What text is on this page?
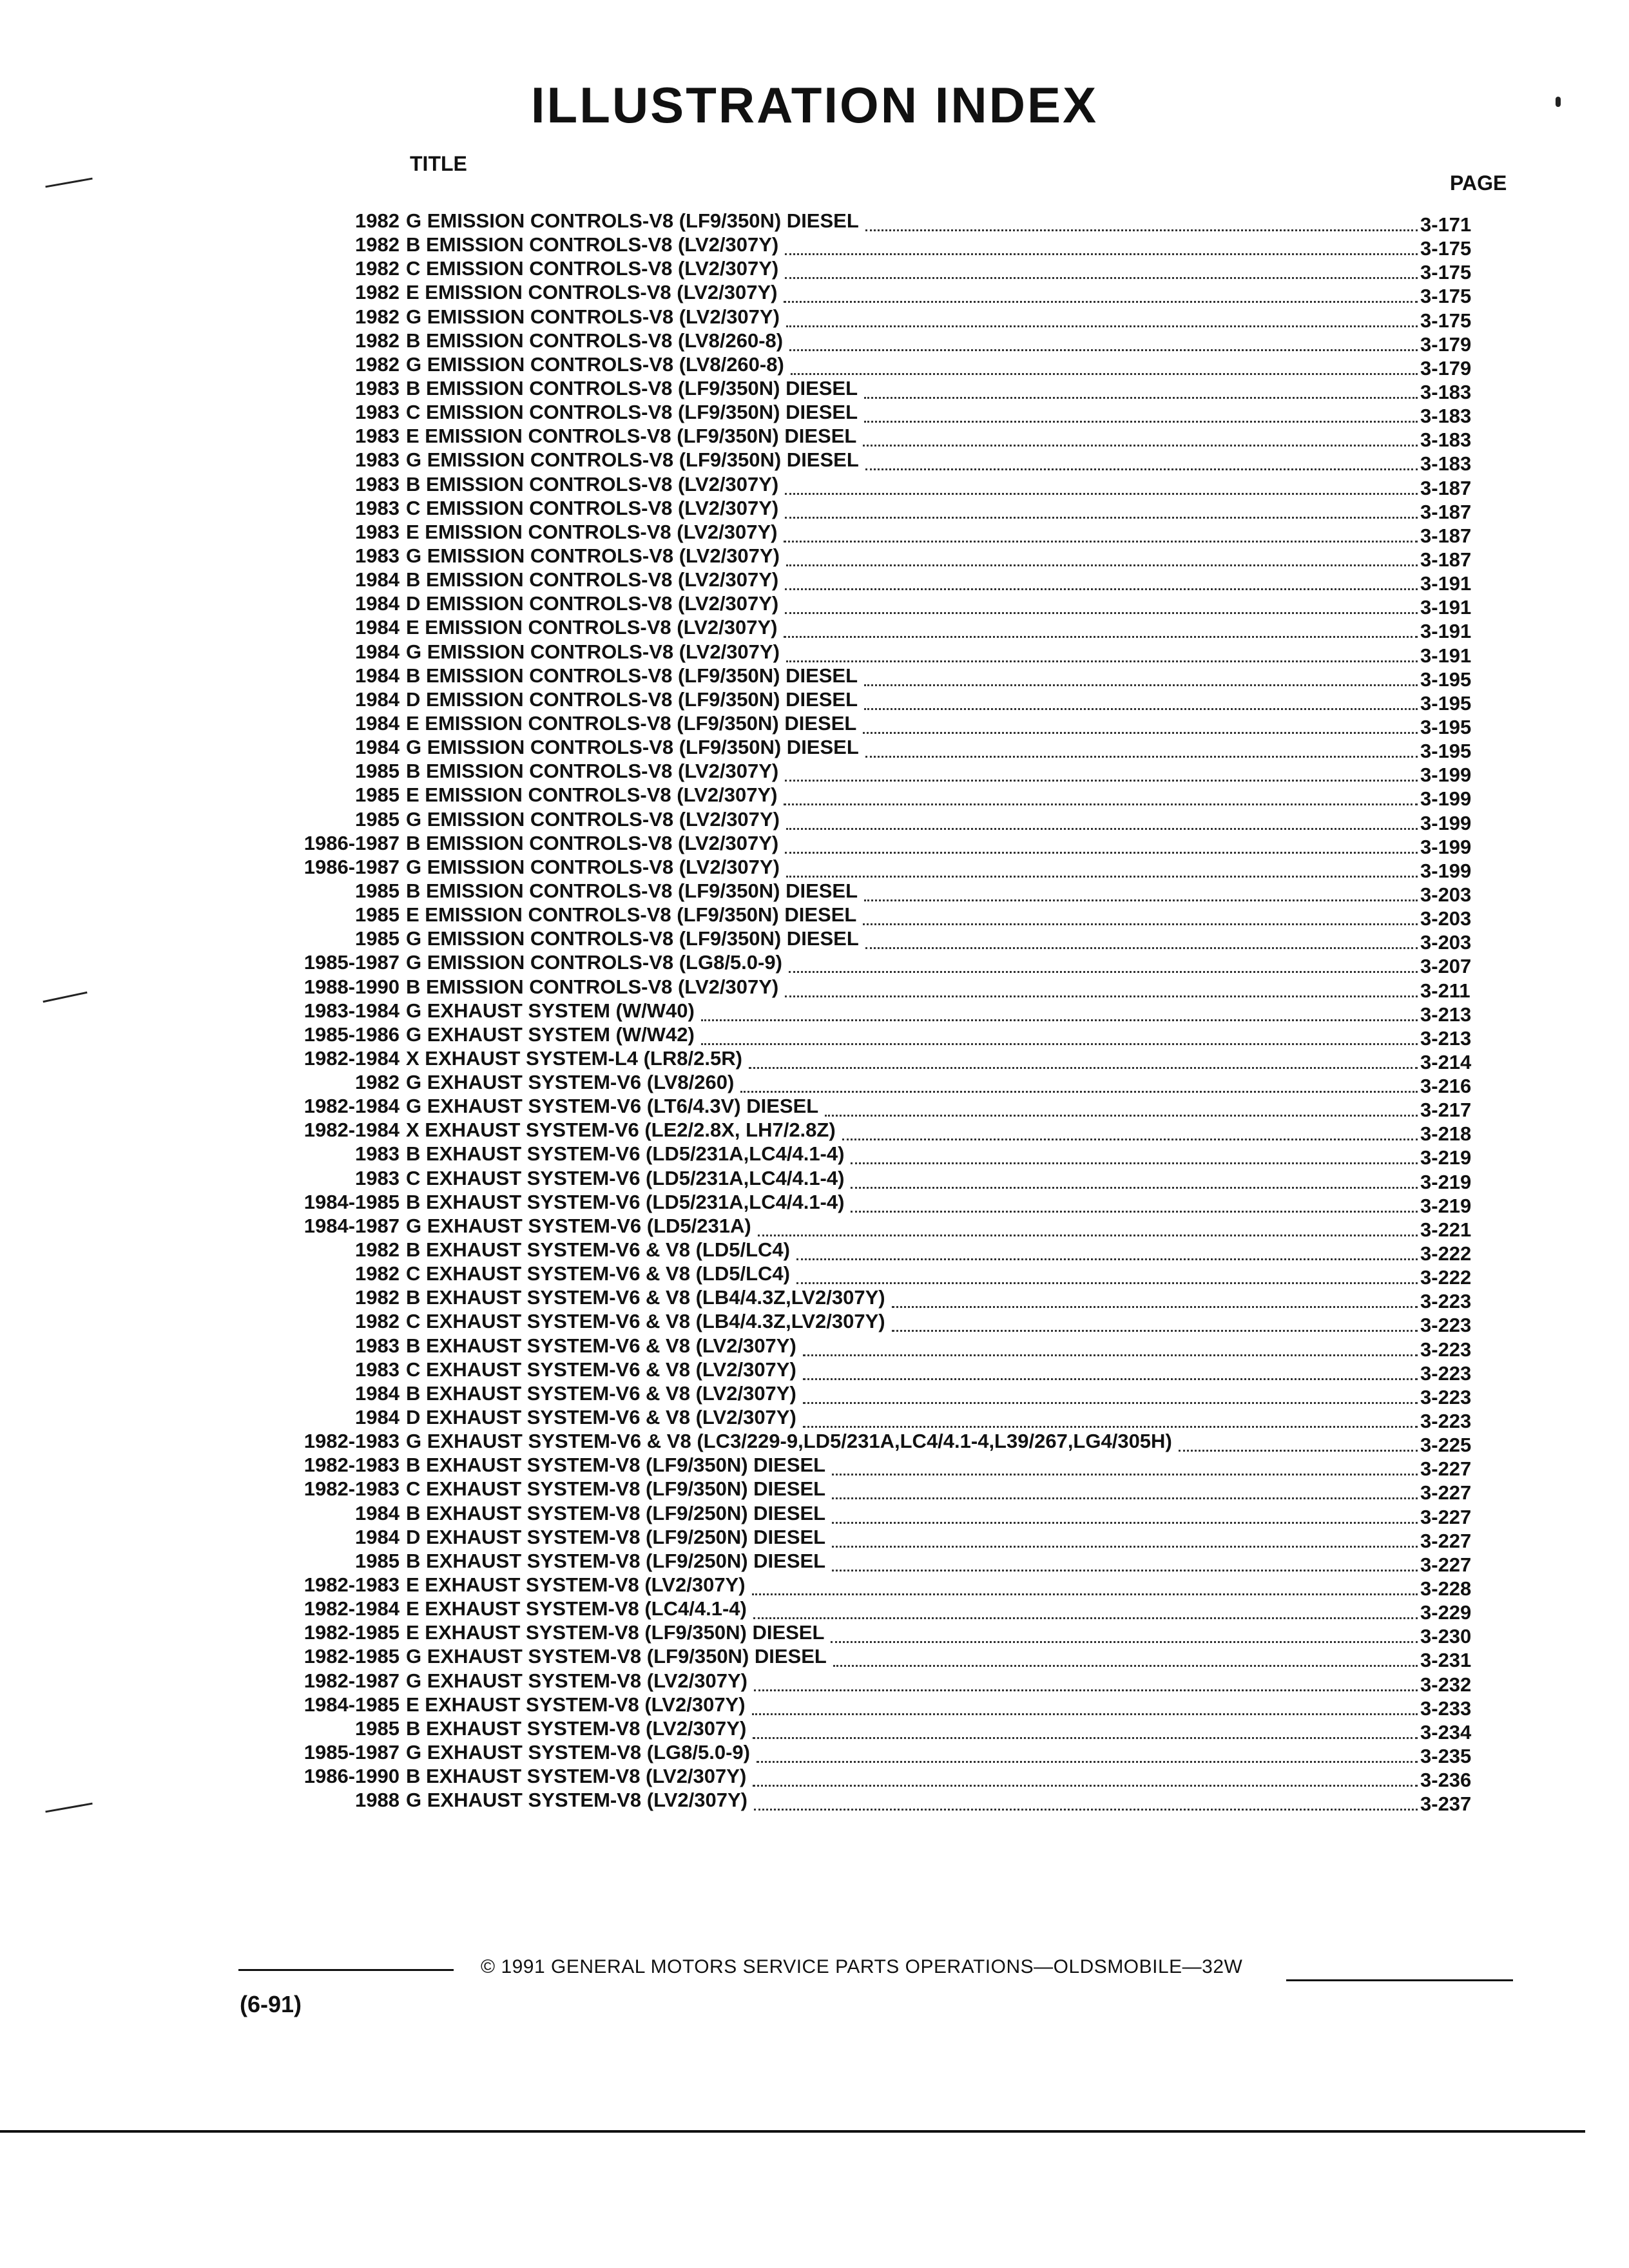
ILLUSTRATION INDEX
TITLE
PAGE
1982 G EMISSION CONTROLS-V8 (LF9/350N) DIESEL	3-171
1982 B EMISSION CONTROLS-V8 (LV2/307Y)	3-175
1982 C EMISSION CONTROLS-V8 (LV2/307Y)	3-175
1982 E EMISSION CONTROLS-V8 (LV2/307Y)	3-175
1982 G EMISSION CONTROLS-V8 (LV2/307Y)	3-175
1982 B EMISSION CONTROLS-V8 (LV8/260-8)	3-179
1982 G EMISSION CONTROLS-V8 (LV8/260-8)	3-179
1983 B EMISSION CONTROLS-V8 (LF9/350N) DIESEL	3-183
1983 C EMISSION CONTROLS-V8 (LF9/350N) DIESEL	3-183
1983 E EMISSION CONTROLS-V8 (LF9/350N) DIESEL	3-183
1983 G EMISSION CONTROLS-V8 (LF9/350N) DIESEL	3-183
1983 B EMISSION CONTROLS-V8 (LV2/307Y)	3-187
1983 C EMISSION CONTROLS-V8 (LV2/307Y)	3-187
1983 E EMISSION CONTROLS-V8 (LV2/307Y)	3-187
1983 G EMISSION CONTROLS-V8 (LV2/307Y)	3-187
1984 B EMISSION CONTROLS-V8 (LV2/307Y)	3-191
1984 D EMISSION CONTROLS-V8 (LV2/307Y)	3-191
1984 E EMISSION CONTROLS-V8 (LV2/307Y)	3-191
1984 G EMISSION CONTROLS-V8 (LV2/307Y)	3-191
1984 B EMISSION CONTROLS-V8 (LF9/350N) DIESEL	3-195
1984 D EMISSION CONTROLS-V8 (LF9/350N) DIESEL	3-195
1984 E EMISSION CONTROLS-V8 (LF9/350N) DIESEL	3-195
1984 G EMISSION CONTROLS-V8 (LF9/350N) DIESEL	3-195
1985 B EMISSION CONTROLS-V8 (LV2/307Y)	3-199
1985 E EMISSION CONTROLS-V8 (LV2/307Y)	3-199
1985 G EMISSION CONTROLS-V8 (LV2/307Y)	3-199
1986-1987 B EMISSION CONTROLS-V8 (LV2/307Y)	3-199
1986-1987 G EMISSION CONTROLS-V8 (LV2/307Y)	3-199
1985 B EMISSION CONTROLS-V8 (LF9/350N) DIESEL	3-203
1985 E EMISSION CONTROLS-V8 (LF9/350N) DIESEL	3-203
1985 G EMISSION CONTROLS-V8 (LF9/350N) DIESEL	3-203
1985-1987 G EMISSION CONTROLS-V8 (LG8/5.0-9)	3-207
1988-1990 B EMISSION CONTROLS-V8 (LV2/307Y)	3-211
1983-1984 G EXHAUST SYSTEM (W/W40)	3-213
1985-1986 G EXHAUST SYSTEM (W/W42)	3-213
1982-1984 X EXHAUST SYSTEM-L4 (LR8/2.5R)	3-214
1982 G EXHAUST SYSTEM-V6 (LV8/260)	3-216
1982-1984 G EXHAUST SYSTEM-V6 (LT6/4.3V) DIESEL	3-217
1982-1984 X EXHAUST SYSTEM-V6 (LE2/2.8X, LH7/2.8Z)	3-218
1983 B EXHAUST SYSTEM-V6 (LD5/231A,LC4/4.1-4)	3-219
1983 C EXHAUST SYSTEM-V6 (LD5/231A,LC4/4.1-4)	3-219
1984-1985 B EXHAUST SYSTEM-V6 (LD5/231A,LC4/4.1-4)	3-219
1984-1987 G EXHAUST SYSTEM-V6 (LD5/231A)	3-221
1982 B EXHAUST SYSTEM-V6 & V8 (LD5/LC4)	3-222
1982 C EXHAUST SYSTEM-V6 & V8 (LD5/LC4)	3-222
1982 B EXHAUST SYSTEM-V6 & V8 (LB4/4.3Z,LV2/307Y)	3-223
1982 C EXHAUST SYSTEM-V6 & V8 (LB4/4.3Z,LV2/307Y)	3-223
1983 B EXHAUST SYSTEM-V6 & V8 (LV2/307Y)	3-223
1983 C EXHAUST SYSTEM-V6 & V8 (LV2/307Y)	3-223
1984 B EXHAUST SYSTEM-V6 & V8 (LV2/307Y)	3-223
1984 D EXHAUST SYSTEM-V6 & V8 (LV2/307Y)	3-223
1982-1983 G EXHAUST SYSTEM-V6 & V8 (LC3/229-9,LD5/231A,LC4/4.1-4,L39/267,LG4/305H)	3-225
1982-1983 B EXHAUST SYSTEM-V8 (LF9/350N) DIESEL	3-227
1982-1983 C EXHAUST SYSTEM-V8 (LF9/350N) DIESEL	3-227
1984 B EXHAUST SYSTEM-V8 (LF9/250N) DIESEL	3-227
1984 D EXHAUST SYSTEM-V8 (LF9/250N) DIESEL	3-227
1985 B EXHAUST SYSTEM-V8 (LF9/250N) DIESEL	3-227
1982-1983 E EXHAUST SYSTEM-V8 (LV2/307Y)	3-228
1982-1984 E EXHAUST SYSTEM-V8 (LC4/4.1-4)	3-229
1982-1985 E EXHAUST SYSTEM-V8 (LF9/350N) DIESEL	3-230
1982-1985 G EXHAUST SYSTEM-V8 (LF9/350N) DIESEL	3-231
1982-1987 G EXHAUST SYSTEM-V8 (LV2/307Y)	3-232
1984-1985 E EXHAUST SYSTEM-V8 (LV2/307Y)	3-233
1985 B EXHAUST SYSTEM-V8 (LV2/307Y)	3-234
1985-1987 G EXHAUST SYSTEM-V8 (LG8/5.0-9)	3-235
1986-1990 B EXHAUST SYSTEM-V8 (LV2/307Y)	3-236
1988 G EXHAUST SYSTEM-V8 (LV2/307Y)	3-237
© 1991 GENERAL MOTORS SERVICE PARTS OPERATIONS—OLDSMOBILE—32W
(6-91)
